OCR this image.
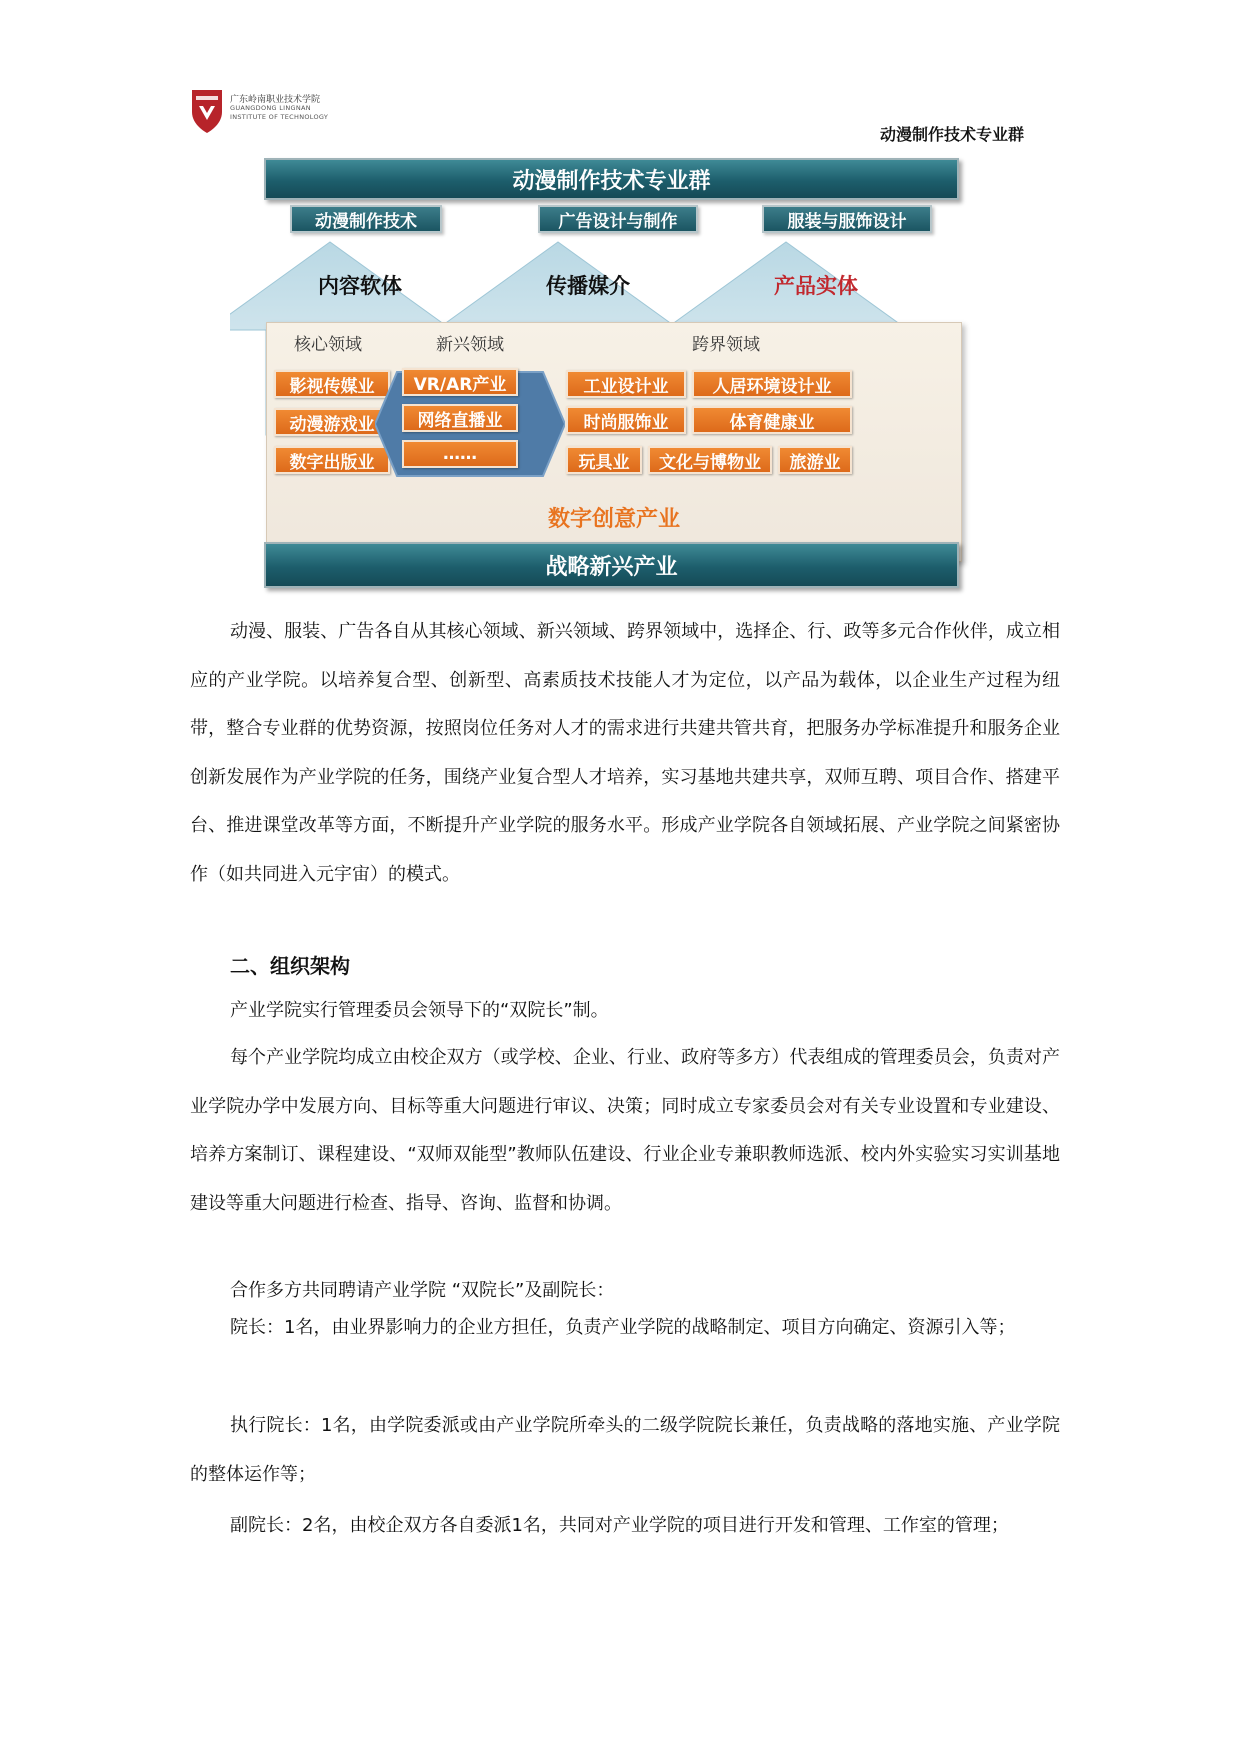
广东岭南职业技术学院
GUANGDONG LINGNAN
INSTITUTE OF TECHNOLOGY
动漫制作技术专业群
动漫制作技术专业群
动漫制作技术	广告设计与制作	服装与服饰设计
内容软体	传播媒介	产品实体
核心领域	新兴领域	跨界领域
影视传媒业
动漫游戏业
数字出版业
VR/AR产业
网络直播业
……
工业设计业	人居环境设计业
时尚服饰业	体育健康业
玩具业	文化与博物业	旅游业
数字创意产业
战略新兴产业
动漫、服装、广告各自从其核心领域、新兴领域、跨界领域中，选择企、行、政等多元合作伙伴，成立相应的产业学院。以培养复合型、创新型、高素质技术技能人才为定位，以产品为载体，以企业生产过程为纽带，整合专业群的优势资源，按照岗位任务对人才的需求进行共建共管共育，把服务办学标准提升和服务企业创新发展作为产业学院的任务，围绕产业复合型人才培养，实习基地共建共享，双师互聘、项目合作、搭建平台、推进课堂改革等方面，不断提升产业学院的服务水平。形成产业学院各自领域拓展、产业学院之间紧密协作（如共同进入元宇宙）的模式。
二、组织架构
产业学院实行管理委员会领导下的“双院长”制。
每个产业学院均成立由校企双方（或学校、企业、行业、政府等多方）代表组成的管理委员会，负责对产业学院办学中发展方向、目标等重大问题进行审议、决策；同时成立专家委员会对有关专业设置和专业建设、培养方案制订、课程建设、“双师双能型”教师队伍建设、行业企业专兼职教师选派、校内外实验实习实训基地建设等重大问题进行检查、指导、咨询、监督和协调。
合作多方共同聘请产业学院 “双院长”及副院长：
院长：1名，由业界影响力的企业方担任，负责产业学院的战略制定、项目方向确定、资源引入等；
执行院长：1名，由学院委派或由产业学院所牵头的二级学院院长兼任，负责战略的落地实施、产业学院的整体运作等；
副院长：2名，由校企双方各自委派1名，共同对产业学院的项目进行开发和管理、工作室的管理；
